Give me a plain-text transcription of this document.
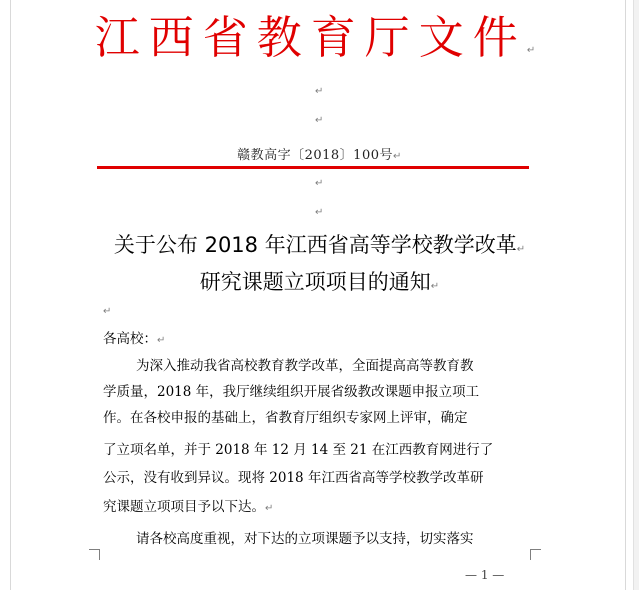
江西省教育厅文件↵
↵
↵
赣教高字〔2018〕100号↵
↵
↵
关于公布 2018 年江西省高等学校教学改革↵
研究课题立项项目的通知↵
↵
各高校：↵
为深入推动我省高校教育教学改革，全面提高高等教育教
学质量，2018 年，我厅继续组织开展省级教改课题申报立项工
作。在各校申报的基础上，省教育厅组织专家网上评审，确定
了立项名单，并于 2018 年 12 月 14 至 21 在江西教育网进行了
公示，没有收到异议。现将 2018 年江西省高等学校教学改革研
究课题立项项目予以下达。↵
请各校高度重视，对下达的立项课题予以支持，切实落实
— 1 —
